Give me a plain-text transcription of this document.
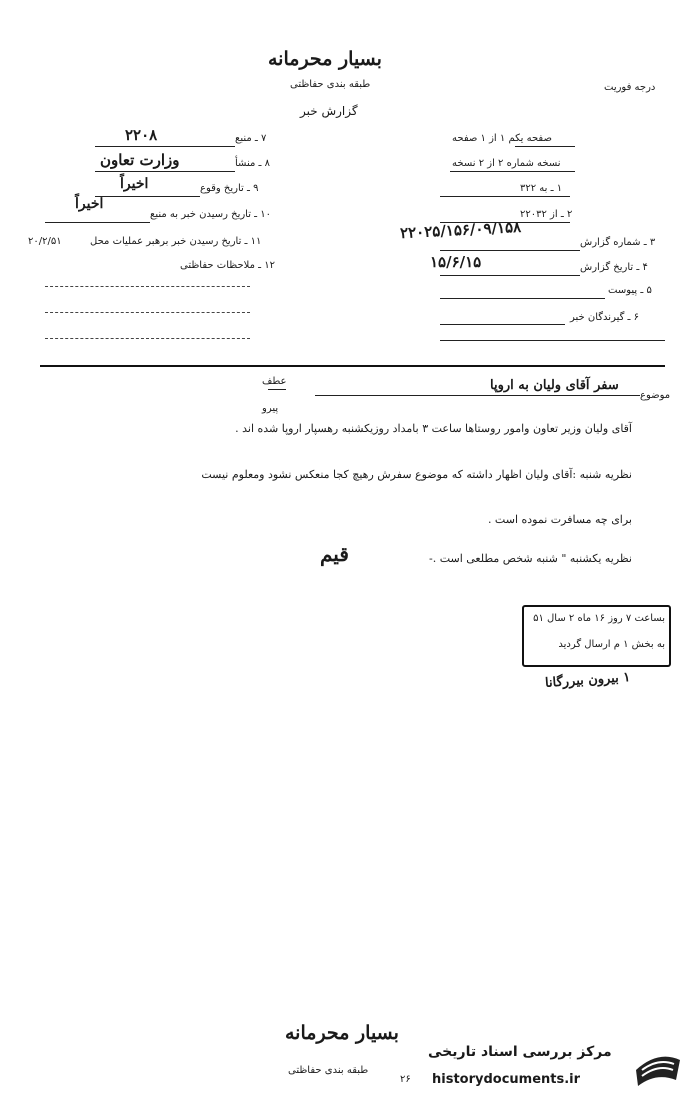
بسیار محرمانه
طبقه بندی حفاظتی	درجه فوریت
گزارش خبر
صفحه یکم ۱ از ۱ صفحه
نسخه شماره ۲ از ۲ نسخه
۱ ـ به ۳۲۲
۲ ـ از ۲۲۰۳۲
۳ ـ شماره گزارش
۲۲۰۲۵/۱۵۶/۰۹/۱۵۸
۴ ـ تاریخ گزارش
۱۵/۶/۱۵
۵ ـ پیوست
۶ ـ گیرندگان خبر
۷ ـ منبع
۲۲۰۸
۸ ـ منشأ
وزارت تعاون
۹ ـ تاریخ وقوع
اخیراً
۱۰ ـ تاریخ رسیدن خبر به منبع
اخیراً
۱۱ ـ تاریخ رسیدن خبر برهبر عملیات محل
۲۰/۲/۵۱
۱۲ ـ ملاحظات حفاظتی
موضوع
سفر آقای ولیان به اروپا
عطف
پیرو
آقای ولیان وزیر تعاون وامور روستاها ساعت ۳ بامداد روزیکشنبه رهسپار اروپا شده اند .
نظریه شنبه :آقای ولیان اظهار داشته که موضوع سفرش رهیچ کجا منعکس نشود ومعلوم نیست
برای چه مسافرت نموده است .
نظریه یکشنبه " شنبه شخص مطلعی است .-
قیم
بساعت ۷ روز ۱۶ ماه ۲ سال ۵۱
به بخش ۱ م ارسال گردید
۱ بیرون بیررگانا
بسیار محرمانه
طبقه بندی حفاظتی
مرکز بررسی اسناد تاریخی
historydocuments.ir
۲۶
